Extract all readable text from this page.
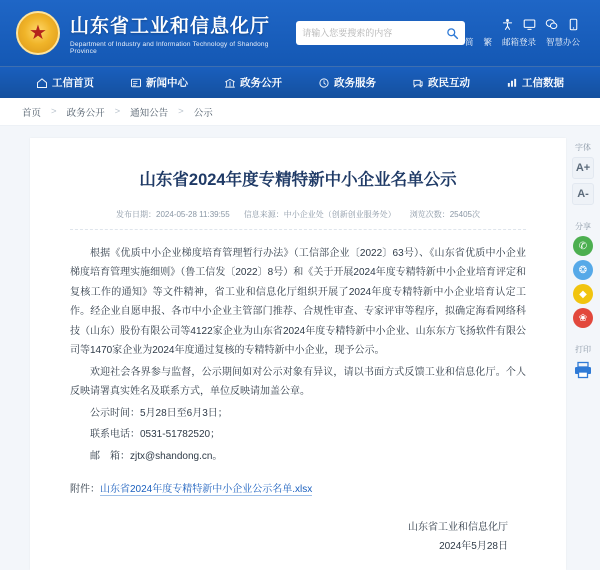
★ 山东省工业和信息化厅
Department of Industry and Information Technology of Shandong Province
请输入您要搜索的内容
简 繁 邮箱登录 智慧办公
工信首页	新闻中心	政务公开	政务服务	政民互动	工信数据
首页 > 政务公开 > 通知公告 > 公示
山东省2024年度专精特新中小企业名单公示
发布日期：2024-05-28 11:39:55 信息来源：中小企业处（创新创业服务处） 浏览次数：25405次

根据《优质中小企业梯度培育管理暂行办法》（工信部企业〔2022〕63号）、《山东省优质中小企业梯度培育管理实施细则》（鲁工信发〔2022〕8号）和《关于开展2024年度专精特新中小企业培育评定和复核工作的通知》等文件精神，省工业和信息化厅组织开展了2024年度专精特新中小企业培育认定工作。经企业自愿申报、各市中小企业主管部门推荐、合规性审查、专家评审等程序，拟确定海看网络科技（山东）股份有限公司等4122家企业为山东省2024年度专精特新中小企业、山东东方飞扬软件有限公司等1470家企业为2024年度通过复核的专精特新中小企业，现予公示。

欢迎社会各界参与监督，公示期间如对公示对象有异议，请以书面方式反馈工业和信息化厅。个人反映请署真实姓名及联系方式，单位反映请加盖公章。

公示时间：5月28日至6月3日；

联系电话：0531-51782520；

邮　箱：zjtx@shandong.cn。

附件：山东省2024年度专精特新中小企业公示名单.xlsx
山东省工业和信息化厅
2024年5月28日
字体
A+
A-
分享
✆
❂
◆
❀
打印
